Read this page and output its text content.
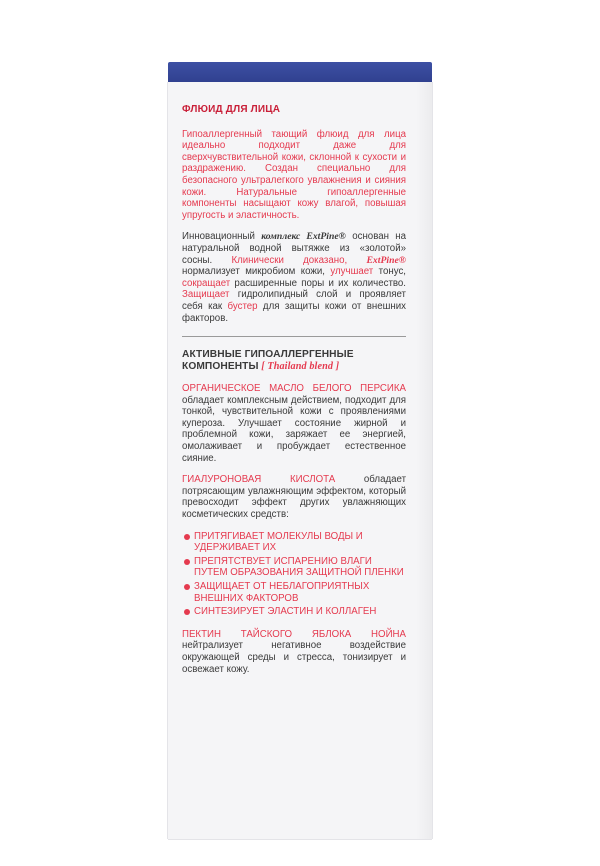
ФЛЮИД ДЛЯ ЛИЦА

Гипоаллергенный тающий флюид для лица идеально подходит даже для сверхчувствительной кожи, склонной к сухости и раздражению. Создан специально для безопасного ультралегкого увлажнения и сияния кожи. Натуральные гипоаллергенные компоненты насыщают кожу влагой, повышая упругость и эластичность.

Инновационный комплекс ExtPine® основан на натуральной водной вытяжке из «золотой» сосны. Клинически доказано, ExtPine® нормализует микробиом кожи, улучшает тонус, сокращает расширенные поры и их количество. Защищает гидролипидный слой и проявляет себя как бустер для защиты кожи от внешних факторов.

АКТИВНЫЕ ГИПОАЛЛЕРГЕННЫЕ КОМПОНЕНТЫ [ Thailand blend ]

ОРГАНИЧЕСКОЕ МАСЛО БЕЛОГО ПЕРСИКА обладает комплексным действием, подходит для тонкой, чувствительной кожи с проявлениями купероза. Улучшает состояние жирной и проблемной кожи, заряжает ее энергией, омолаживает и пробуждает естественное сияние.

ГИАЛУРОНОВАЯ КИСЛОТА обладает потрясающим увлажняющим эффектом, который превосходит эффект других увлажняющих косметических средств:

ПРИТЯГИВАЕТ МОЛЕКУЛЫ ВОДЫ И УДЕРЖИВАЕТ ИХ
ПРЕПЯТСТВУЕТ ИСПАРЕНИЮ ВЛАГИ ПУТЕМ ОБРАЗОВАНИЯ ЗАЩИТНОЙ ПЛЕНКИ
ЗАЩИЩАЕТ ОТ НЕБЛАГОПРИЯТНЫХ ВНЕШНИХ ФАКТОРОВ
СИНТЕЗИРУЕТ ЭЛАСТИН И КОЛЛАГЕН

ПЕКТИН ТАЙСКОГО ЯБЛОКА НОЙНА нейтрализует негативное воздействие окружающей среды и стресса, тонизирует и освежает кожу.
